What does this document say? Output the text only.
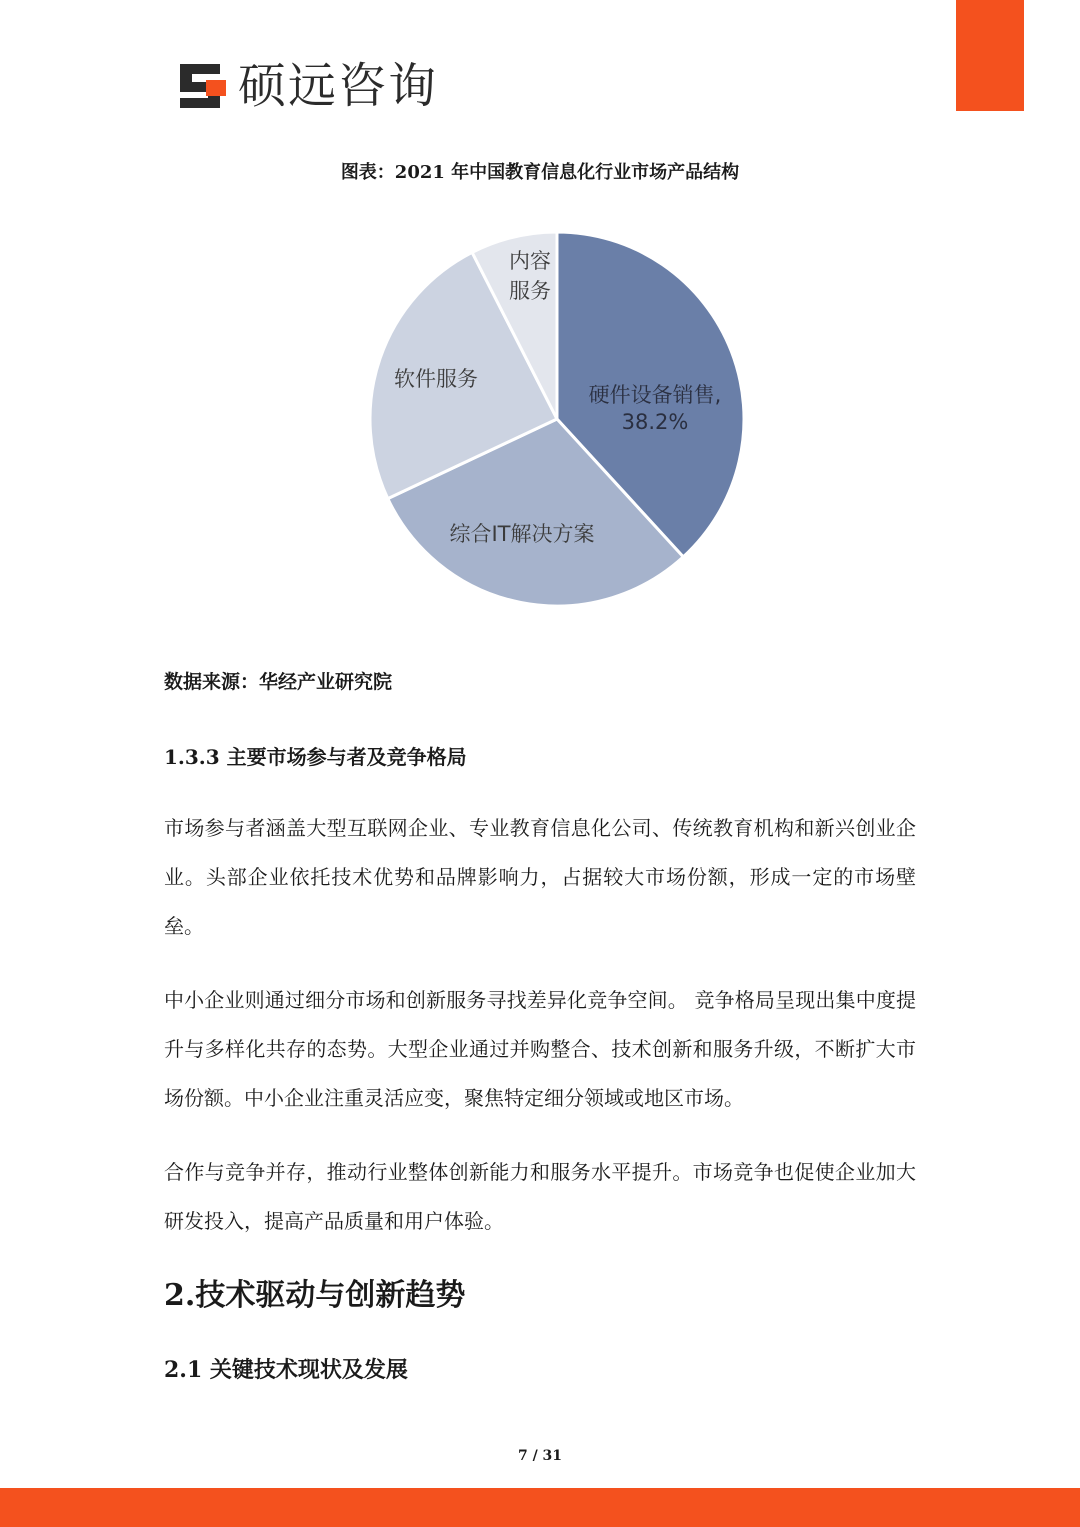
硕远咨询
图表：2021 年中国教育信息化行业市场产品结构
硬件设备销售,
38.2%
综合IT解决方案
软件服务
内容
服务
数据来源：华经产业研究院
1.3.3 主要市场参与者及竞争格局
市场参与者涵盖大型互联网企业、专业教育信息化公司、传统教育机构和新兴创业企业。头部企业依托技术优势和品牌影响力，占据较大市场份额，形成一定的市场壁垒。
中小企业则通过细分市场和创新服务寻找差异化竞争空间。 竞争格局呈现出集中度提升与多样化共存的态势。大型企业通过并购整合、技术创新和服务升级，不断扩大市场份额。中小企业注重灵活应变，聚焦特定细分领域或地区市场。
合作与竞争并存，推动行业整体创新能力和服务水平提升。市场竞争也促使企业加大研发投入，提高产品质量和用户体验。
2.技术驱动与创新趋势
2.1 关键技术现状及发展
7 / 31
